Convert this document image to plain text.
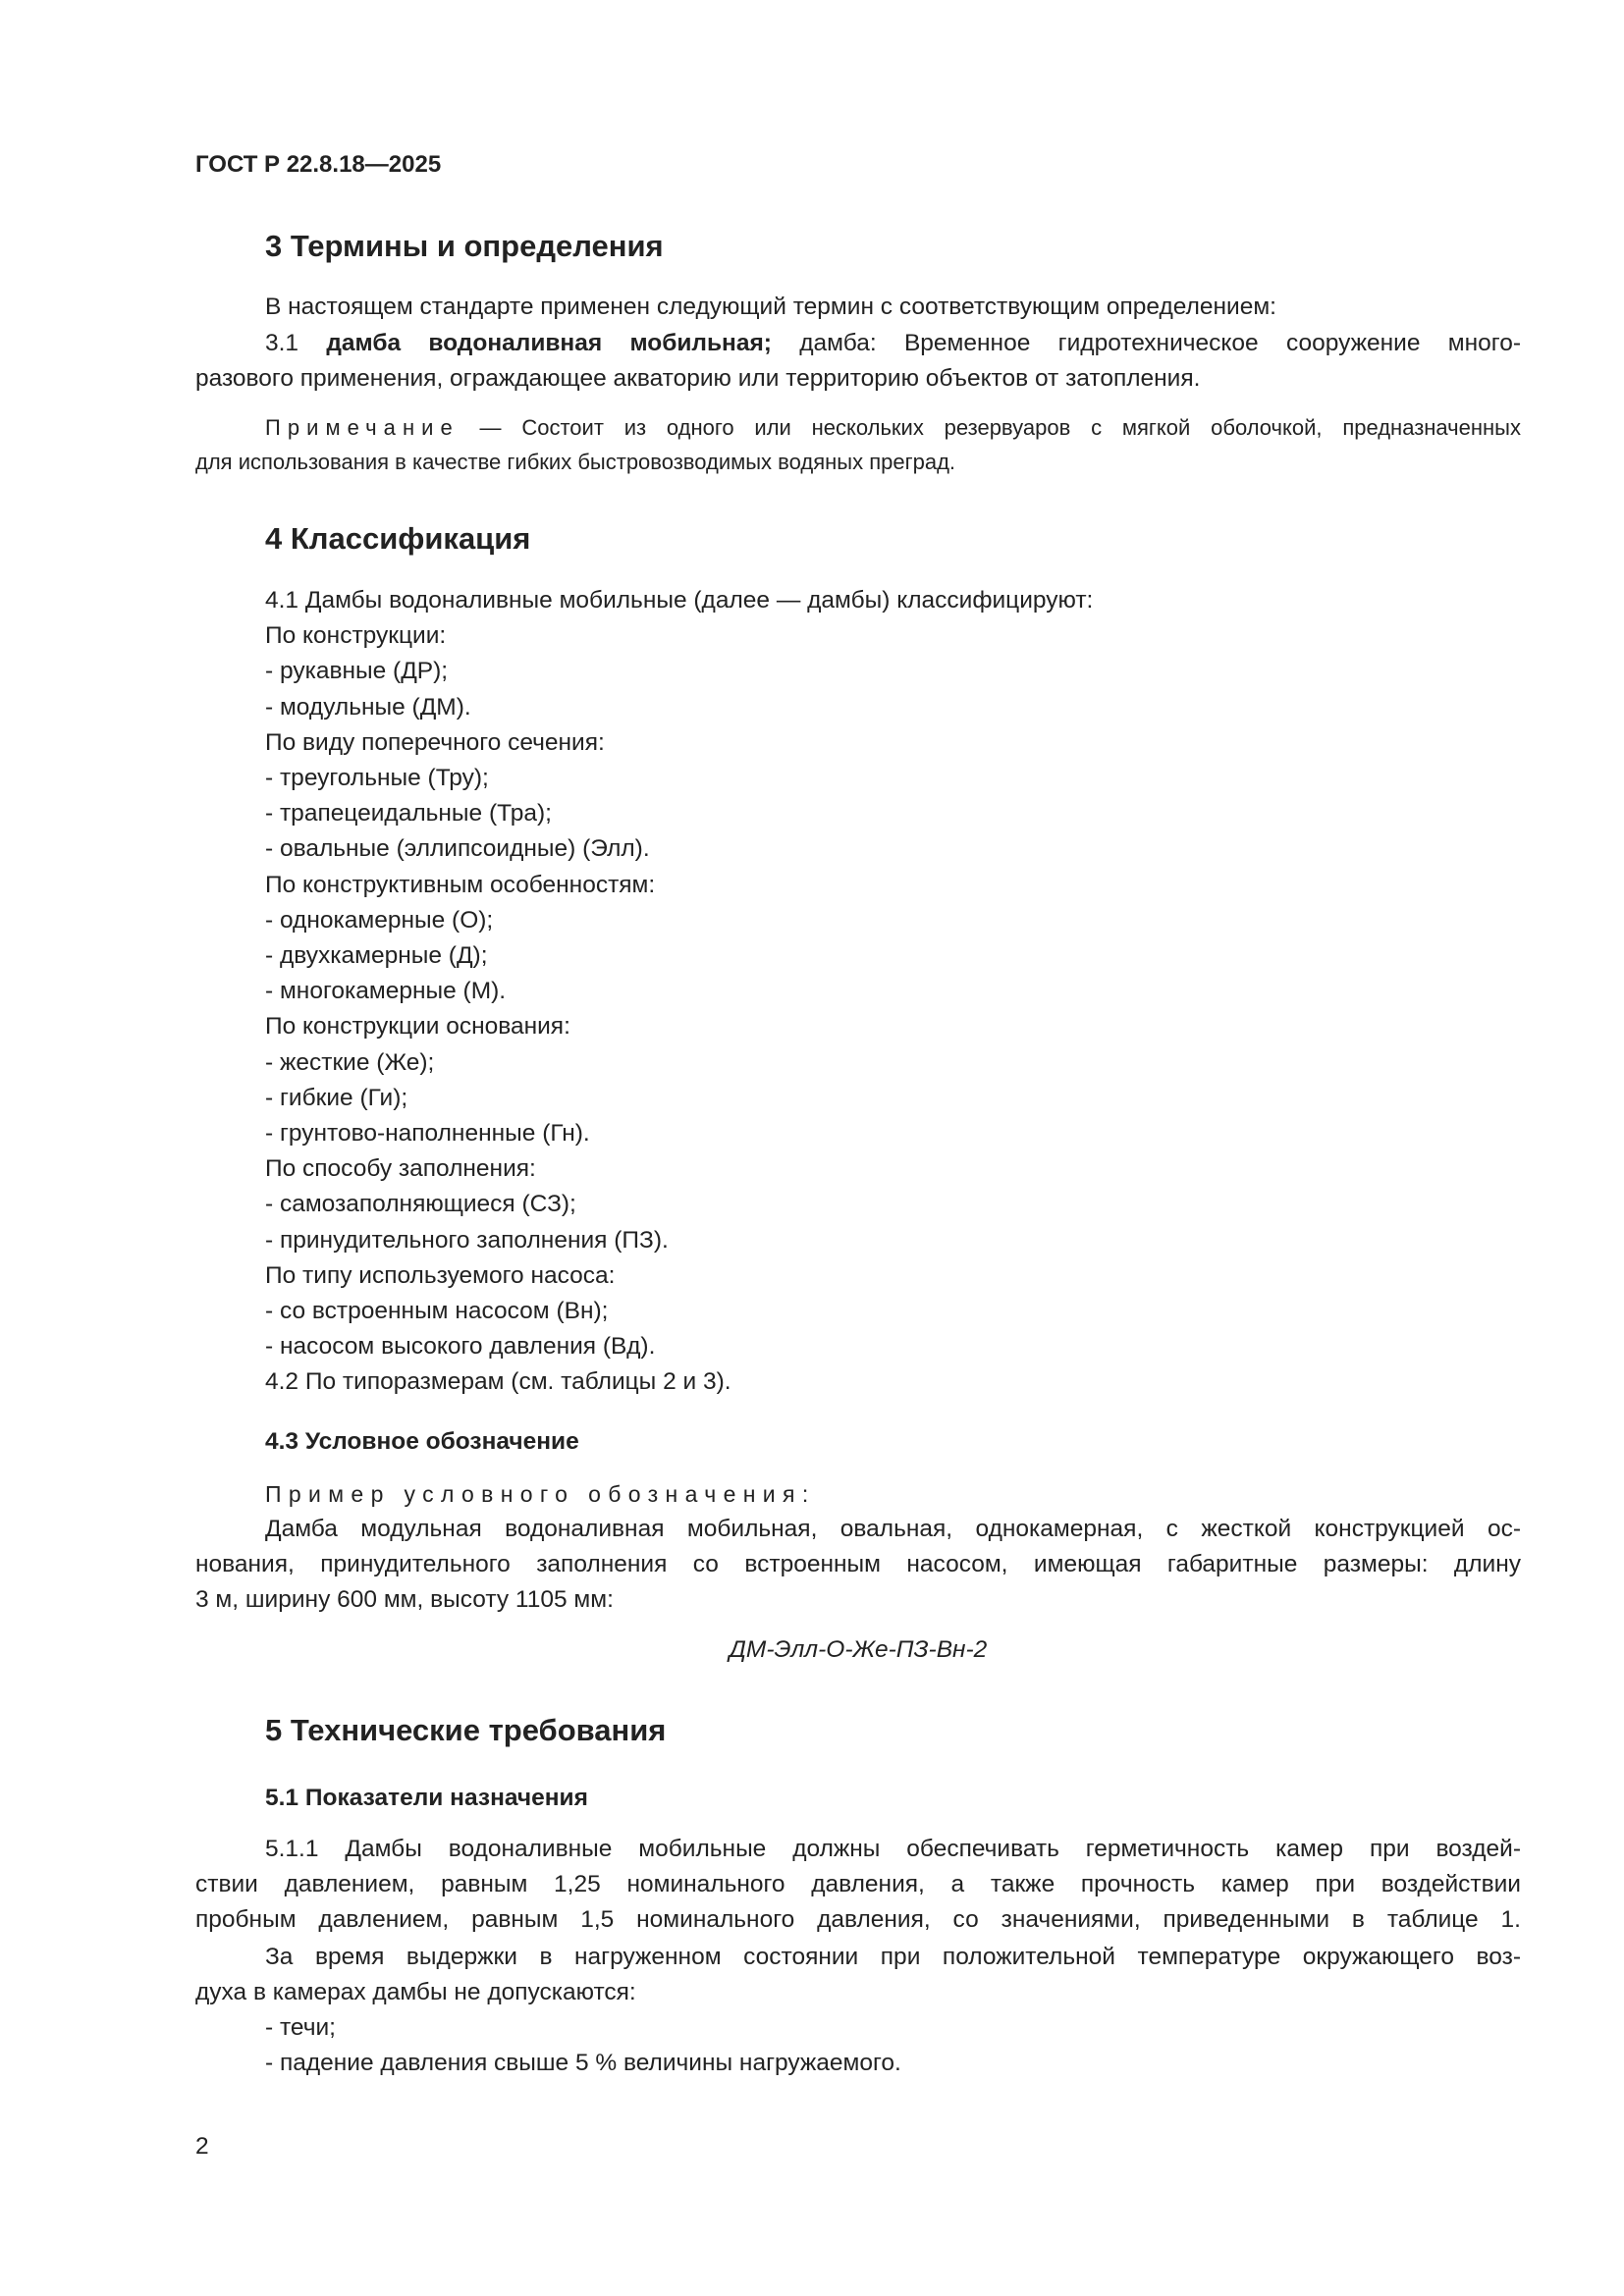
ГОСТ Р 22.8.18—2025
3 Термины и определения
В настоящем стандарте применен следующий термин с соответствующим определением:
3.1 дамба водоналивная мобильная; дамба: Временное гидротехническое сооружение много-
разового применения, ограждающее акваторию или территорию объектов от затопления.
Примечание — Состоит из одного или нескольких резервуаров с мягкой оболочкой, предназначенных
для использования в качестве гибких быстровозводимых водяных преград.
4 Классификация
4.1 Дамбы водоналивные мобильные (далее — дамбы) классифицируют:
По конструкции:
- рукавные (ДР);
- модульные (ДМ).
По виду поперечного сечения:
- треугольные (Тру);
- трапецеидальные (Тра);
- овальные (эллипсоидные) (Элл).
По конструктивным особенностям:
- однокамерные (О);
- двухкамерные (Д);
- многокамерные (М).
По конструкции основания:
- жесткие (Же);
- гибкие (Ги);
- грунтово-наполненные (Гн).
По способу заполнения:
- самозаполняющиеся (СЗ);
- принудительного заполнения (ПЗ).
По типу используемого насоса:
- со встроенным насосом (Вн);
- насосом высокого давления (Вд).
4.2 По типоразмерам (см. таблицы 2 и 3).
4.3 Условное обозначение
Пример условного обозначения:
Дамба модульная водоналивная мобильная, овальная, однокамерная, с жесткой конструкцией ос-
нования, принудительного заполнения со встроенным насосом, имеющая габаритные размеры: длину
3 м, ширину 600 мм, высоту 1105 мм:
ДМ-Элл-О-Же-ПЗ-Вн-2
5 Технические требования
5.1 Показатели назначения
5.1.1 Дамбы водоналивные мобильные должны обеспечивать герметичность камер при воздей-
ствии давлением, равным 1,25 номинального давления, а также прочность камер при воздействии
пробным давлением, равным 1,5 номинального давления, со значениями, приведенными в таблице 1.
За время выдержки в нагруженном состоянии при положительной температуре окружающего воз-
духа в камерах дамбы не допускаются:
- течи;
- падение давления свыше 5 % величины нагружаемого.
2
